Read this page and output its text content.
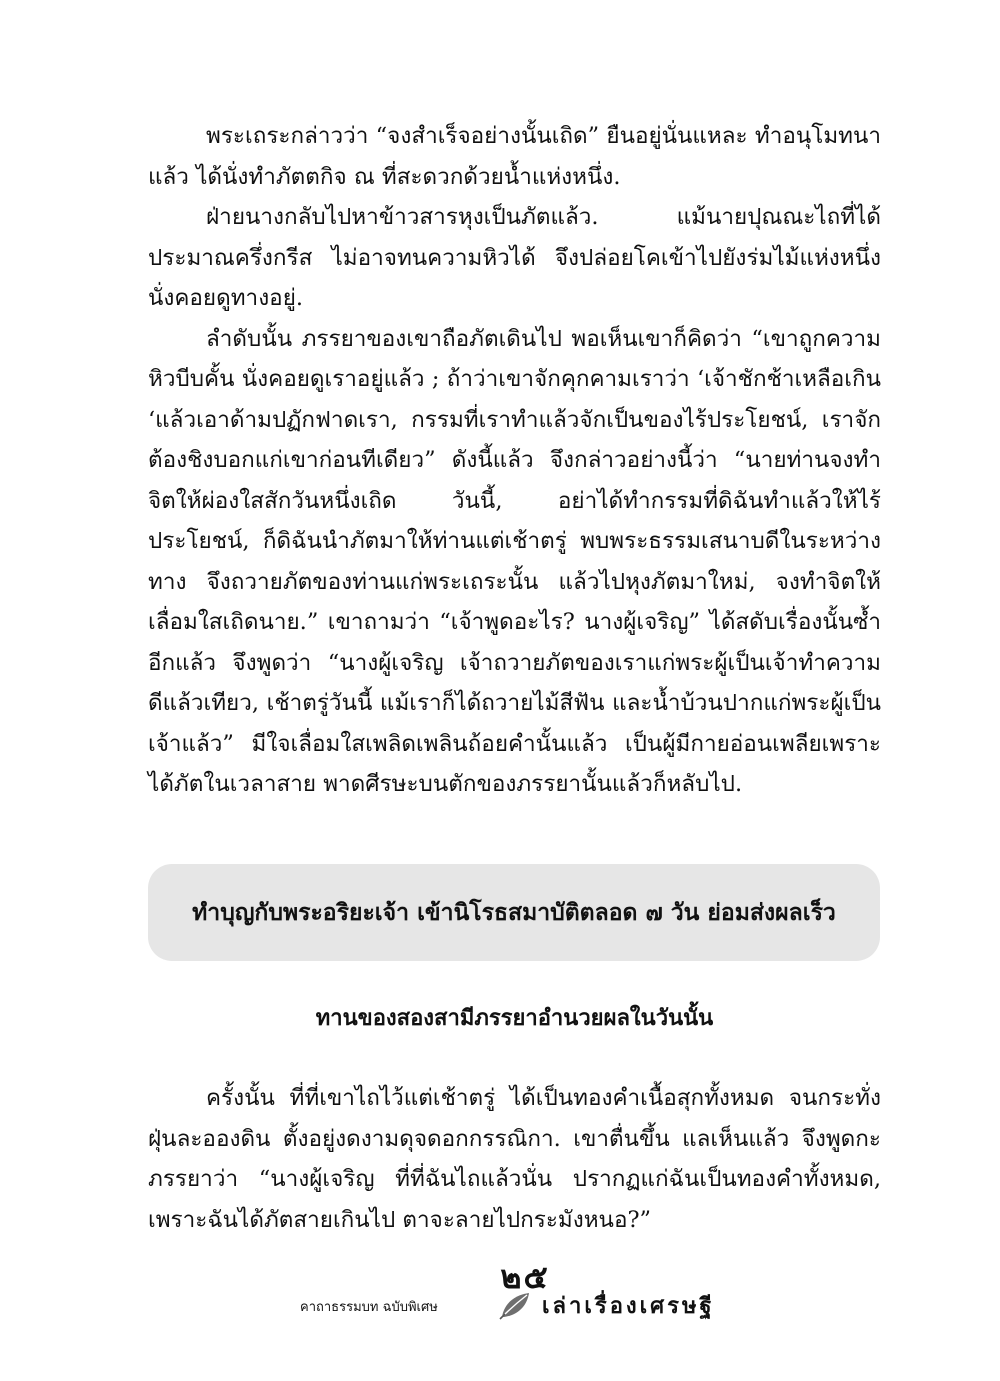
พระเถระกล่าวว่า “จงสำเร็จอย่างนั้นเถิด” ยืนอยู่นั่นแหละ ทำอนุโมทนาแล้ว ได้นั่งทำภัตตกิจ ณ ที่สะดวกด้วยน้ำแห่งหนึ่ง.

ฝ่ายนางกลับไปหาข้าวสารหุงเป็นภัตแล้ว. แม้นายปุณณะไถที่ได้ประมาณครึ่งกรีส ไม่อาจทนความหิวได้ จึงปล่อยโคเข้าไปยังร่มไม้แห่งหนึ่ง นั่งคอยดูทางอยู่.

ลำดับนั้น ภรรยาของเขาถือภัตเดินไป พอเห็นเขาก็คิดว่า “เขาถูกความหิวบีบคั้น นั่งคอยดูเราอยู่แล้ว ; ถ้าว่าเขาจักคุกคามเราว่า ‘เจ้าชักช้าเหลือเกิน ‘แล้วเอาด้ามปฏักฟาดเรา, กรรมที่เราทำแล้วจักเป็นของไร้ประโยชน์, เราจักต้องชิงบอกแก่เขาก่อนทีเดียว” ดังนี้แล้ว จึงกล่าวอย่างนี้ว่า “นายท่านจงทำจิตให้ผ่องใสสักวันหนึ่งเถิด วันนี้, อย่าได้ทำกรรมที่ดิฉันทำแล้วให้ไร้ประโยชน์, ก็ดิฉันนำภัตมาให้ท่านแต่เช้าตรู่ พบพระธรรมเสนาบดีในระหว่างทาง จึงถวายภัตของท่านแก่พระเถระนั้น แล้วไปหุงภัตมาใหม่, จงทำจิตให้เลื่อมใสเถิดนาย.” เขาถามว่า “เจ้าพูดอะไร? นางผู้เจริญ” ได้สดับเรื่องนั้นซ้ำอีกแล้ว จึงพูดว่า “นางผู้เจริญ เจ้าถวายภัตของเราแก่พระผู้เป็นเจ้าทำความดีแล้วเทียว, เช้าตรู่วันนี้ แม้เราก็ได้ถวายไม้สีฟัน และน้ำบ้วนปากแก่พระผู้เป็นเจ้าแล้ว” มีใจเลื่อมใสเพลิดเพลินถ้อยคำนั้นแล้ว เป็นผู้มีกายอ่อนเพลียเพราะได้ภัตในเวลาสาย พาดศีรษะบนตักของภรรยานั้นแล้วก็หลับไป.

ทำบุญกับพระอริยะเจ้า เข้านิโรธสมาบัติตลอด ๗ วัน ย่อมส่งผลเร็ว
ทานของสองสามีภรรยาอำนวยผลในวันนั้น

ครั้งนั้น ที่ที่เขาไถไว้แต่เช้าตรู่ ได้เป็นทองคำเนื้อสุกทั้งหมด จนกระทั่งฝุ่นละอองดิน ตั้งอยู่งดงามดุจดอกกรรณิกา. เขาตื่นขึ้น แลเห็นแล้ว จึงพูดกะภรรยาว่า “นางผู้เจริญ ที่ที่ฉันไถแล้วนั่น ปรากฏแก่ฉันเป็นทองคำทั้งหมด, เพราะฉันได้ภัตสายเกินไป ตาจะลายไปกระมังหนอ?”

๒๕
คาถาธรรมบท ฉบับพิเศษ	เล่าเรื่องเศรษฐี
